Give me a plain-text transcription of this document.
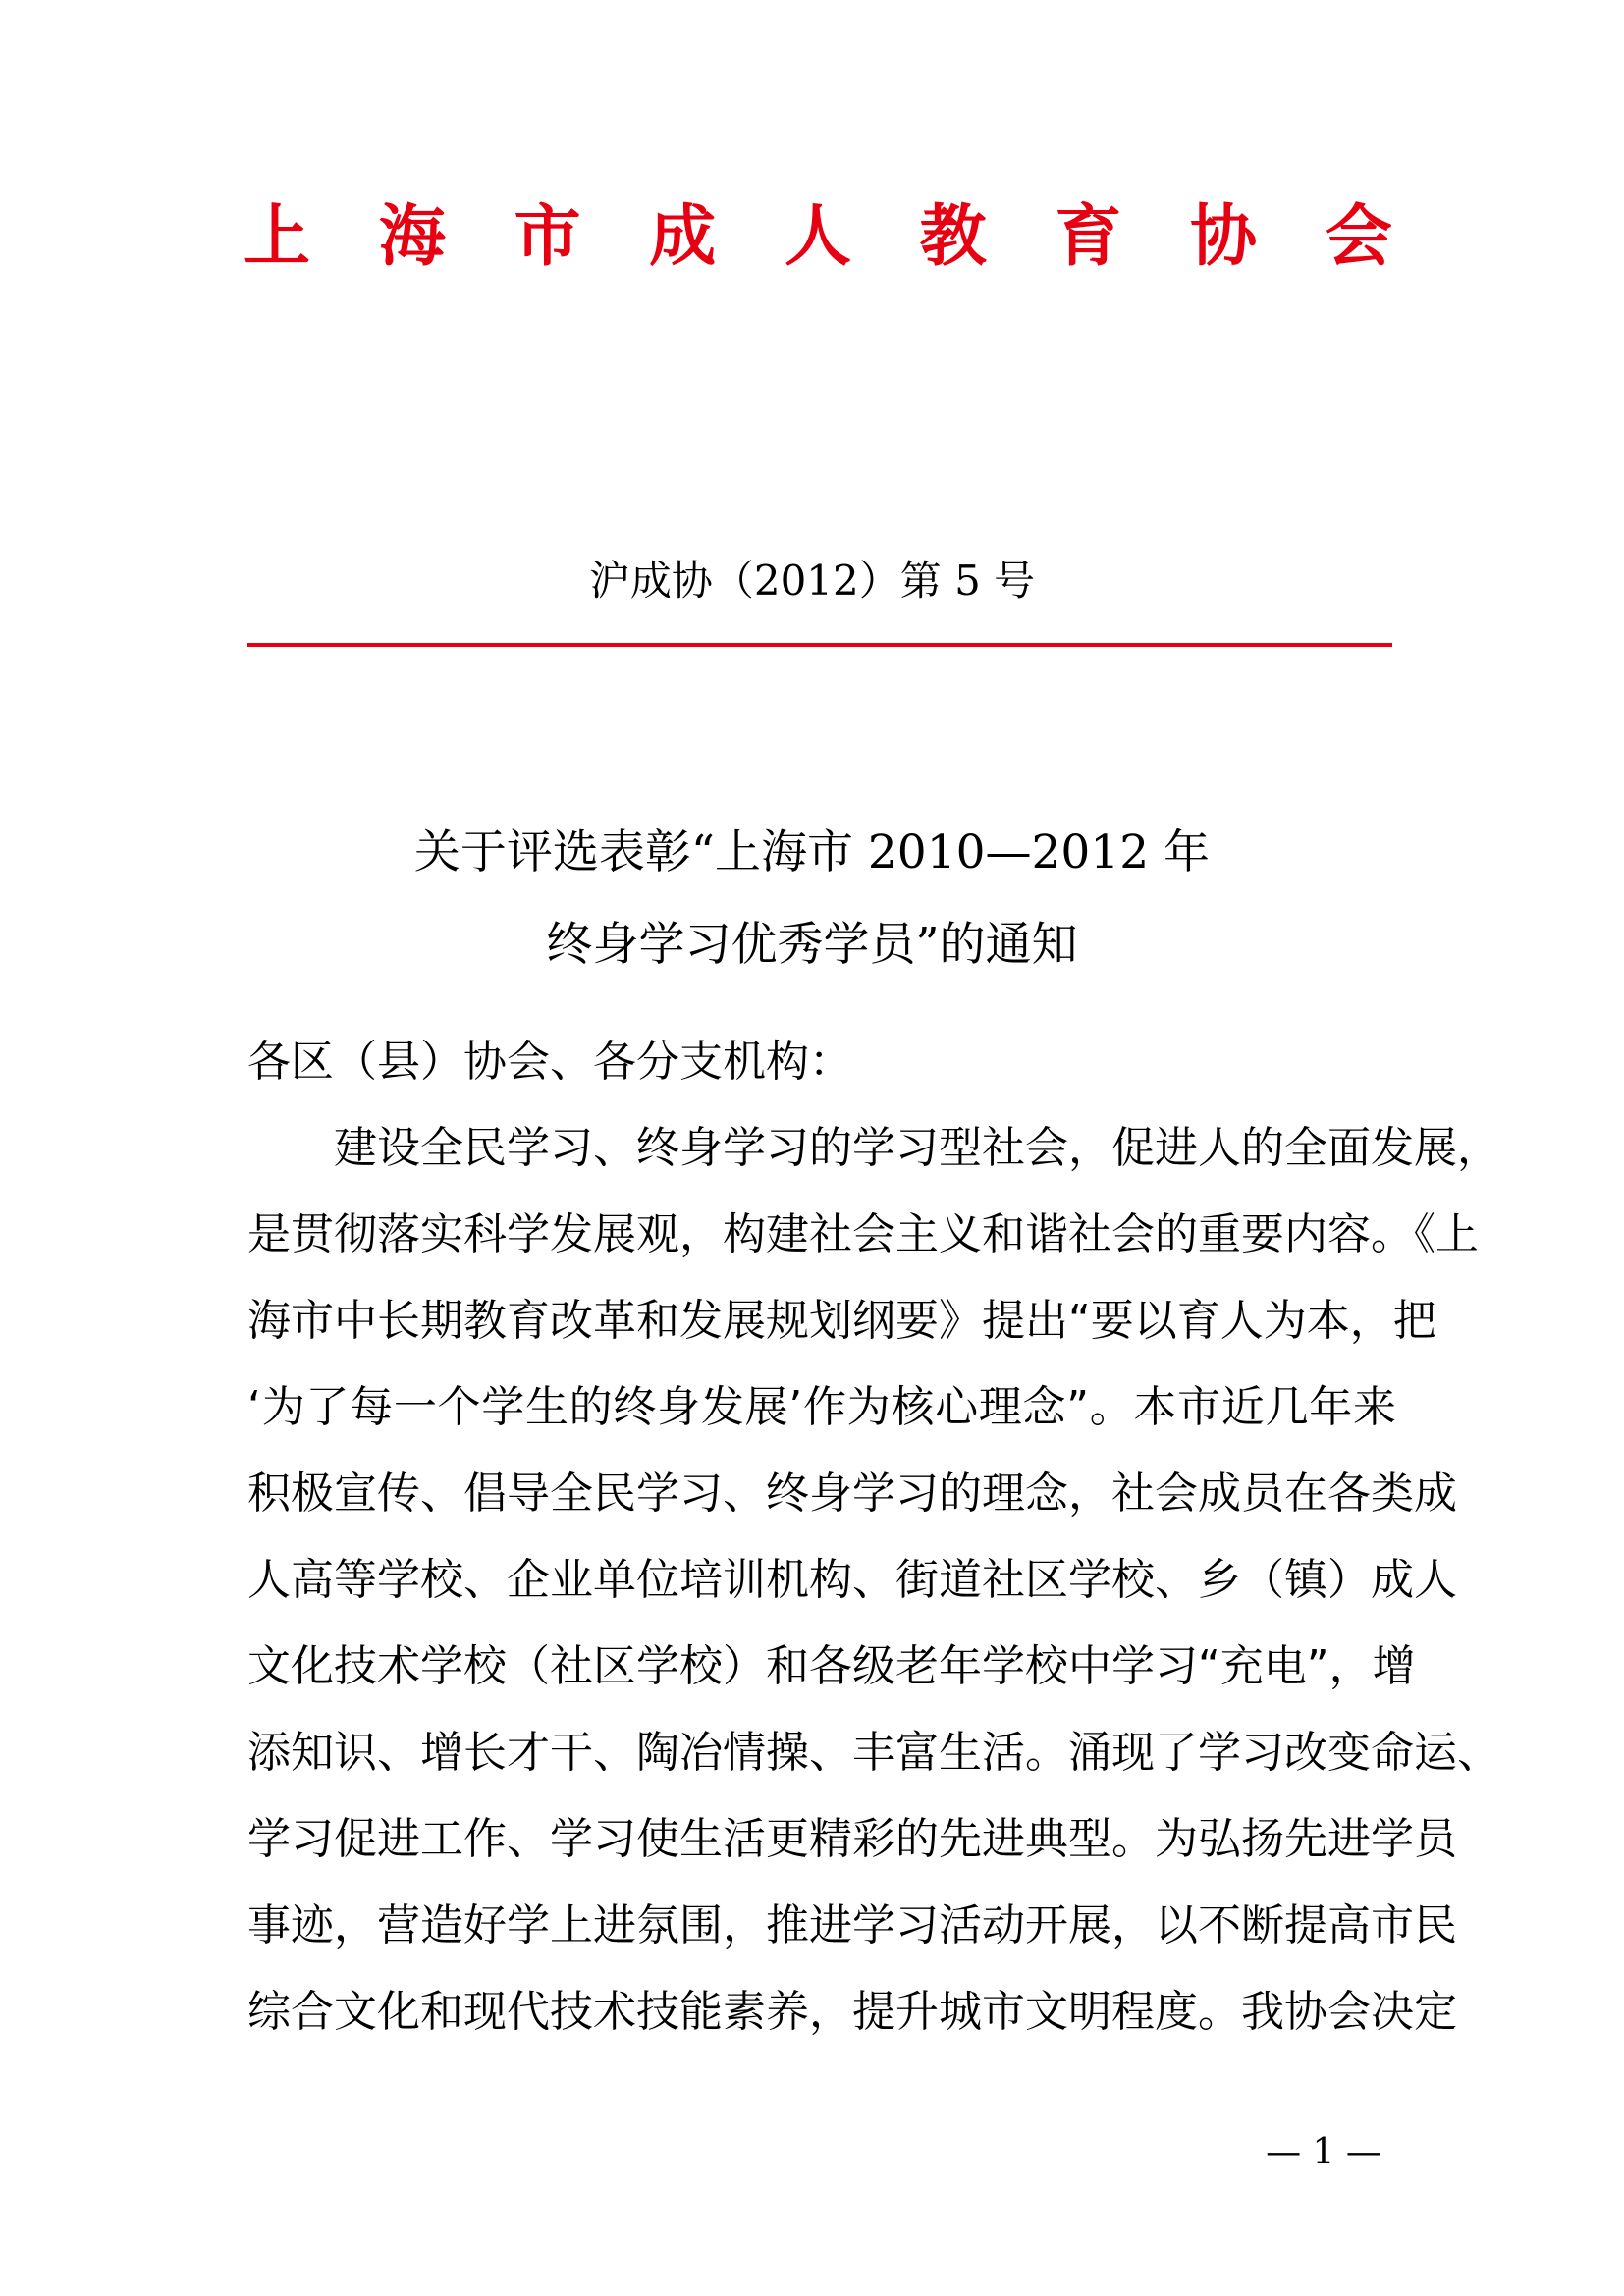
上 海 市 成 人 教 育 协 会
沪成协（2012）第 5 号
关于评选表彰“上海市 2010—2012 年
终身学习优秀学员”的通知
各区（县）协会、各分支机构：
　　建设全民学习、终身学习的学习型社会，促进人的全面发展，
是贯彻落实科学发展观，构建社会主义和谐社会的重要内容。《上
海市中长期教育改革和发展规划纲要》提出“要以育人为本，把
‘为了每一个学生的终身发展’作为核心理念”。本市近几年来
积极宣传、倡导全民学习、终身学习的理念，社会成员在各类成
人高等学校、企业单位培训机构、街道社区学校、乡（镇）成人
文化技术学校（社区学校）和各级老年学校中学习“充电”，增
添知识、增长才干、陶冶情操、丰富生活。涌现了学习改变命运、
学习促进工作、学习使生活更精彩的先进典型。为弘扬先进学员
事迹，营造好学上进氛围，推进学习活动开展，以不断提高市民
综合文化和现代技术技能素养，提升城市文明程度。我协会决定
— 1 —
